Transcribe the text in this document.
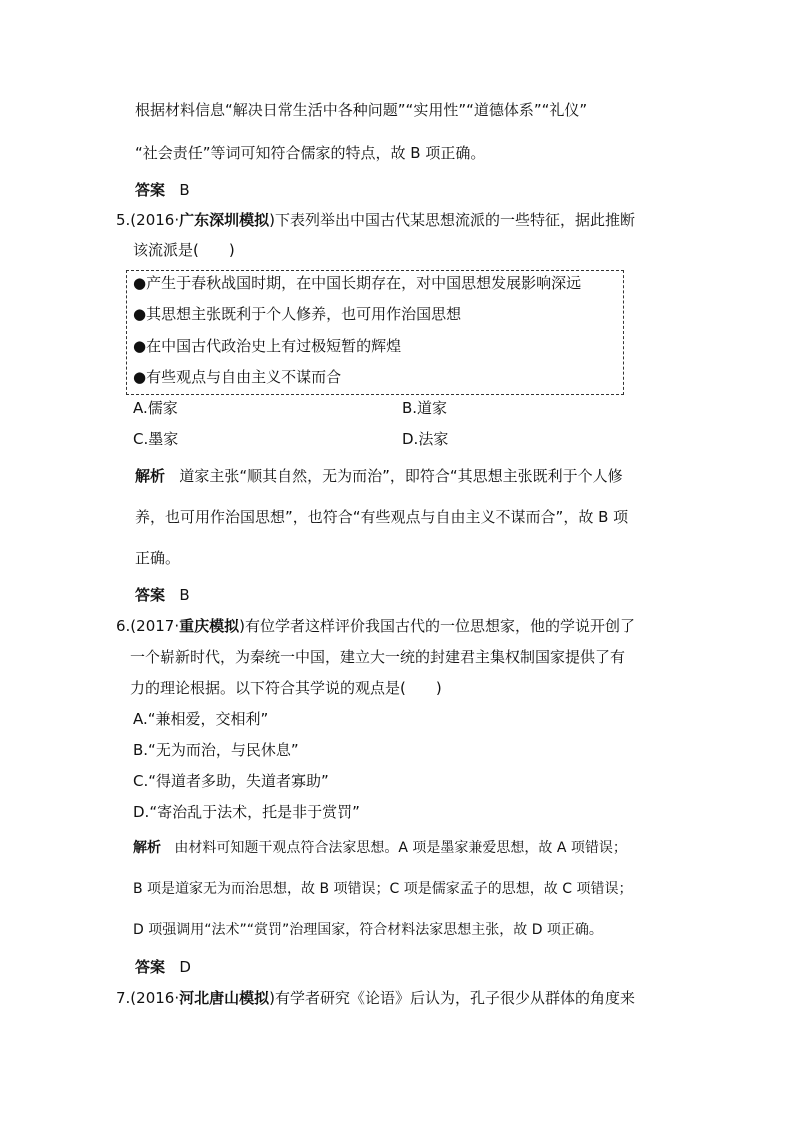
根据材料信息“解决日常生活中各种问题”“实用性”“道德体系”“礼仪”
“社会责任”等词可知符合儒家的特点，故 B 项正确。
答案 B
5.(2016·广东深圳模拟)下表列举出中国古代某思想流派的一些特征，据此推断
该流派是(　　)
●产生于春秋战国时期，在中国长期存在，对中国思想发展影响深远
●其思想主张既利于个人修养，也可用作治国思想
●在中国古代政治史上有过极短暂的辉煌
●有些观点与自由主义不谋而合
A.儒家	B.道家
C.墨家	D.法家
解析 道家主张“顺其自然，无为而治”，即符合“其思想主张既利于个人修
养，也可用作治国思想”，也符合“有些观点与自由主义不谋而合”，故 B 项
正确。
答案 B
6.(2017·重庆模拟)有位学者这样评价我国古代的一位思想家，他的学说开创了
一个崭新时代，为秦统一中国，建立大一统的封建君主集权制国家提供了有
力的理论根据。以下符合其学说的观点是(　　)
A.“兼相爱，交相利”
B.“无为而治，与民休息”
C.“得道者多助，失道者寡助”
D.“寄治乱于法术，托是非于赏罚”
解析 由材料可知题干观点符合法家思想。A 项是墨家兼爱思想，故 A 项错误；
B 项是道家无为而治思想，故 B 项错误；C 项是儒家孟子的思想，故 C 项错误；
D 项强调用“法术”“赏罚”治理国家，符合材料法家思想主张，故 D 项正确。
答案 D
7.(2016·河北唐山模拟)有学者研究《论语》后认为，孔子很少从群体的角度来
